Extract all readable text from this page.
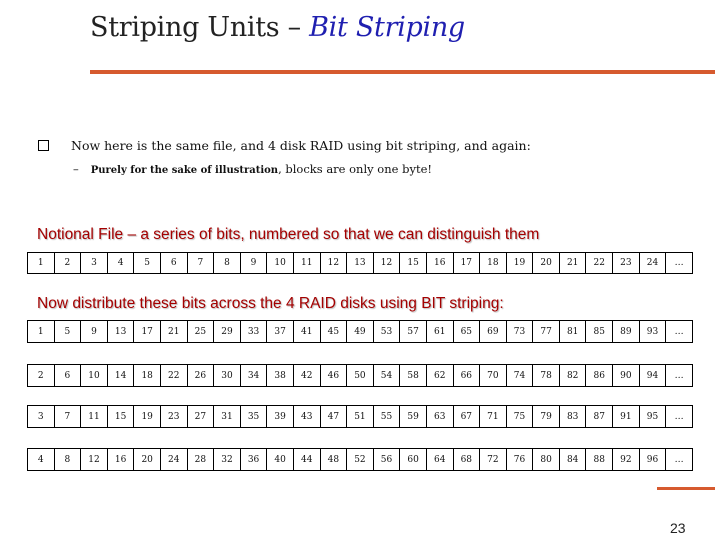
Striping Units – Bit Striping
Now here is the same file, and 4 disk RAID using bit striping, and again:
– Purely for the sake of illustration, blocks are only one byte!
Notional File – a series of bits, numbered so that we can distinguish them
1	2	3	4	5	6	7	8	9	10	11	12	13	12	15	16	17	18	19	20	21	22	23	24	…
Now distribute these bits across the 4 RAID disks using BIT striping:
1	5	9	13	17	21	25	29	33	37	41	45	49	53	57	61	65	69	73	77	81	85	89	93	…
2	6	10	14	18	22	26	30	34	38	42	46	50	54	58	62	66	70	74	78	82	86	90	94	…
3	7	11	15	19	23	27	31	35	39	43	47	51	55	59	63	67	71	75	79	83	87	91	95	…
4	8	12	16	20	24	28	32	36	40	44	48	52	56	60	64	68	72	76	80	84	88	92	96	…
23
